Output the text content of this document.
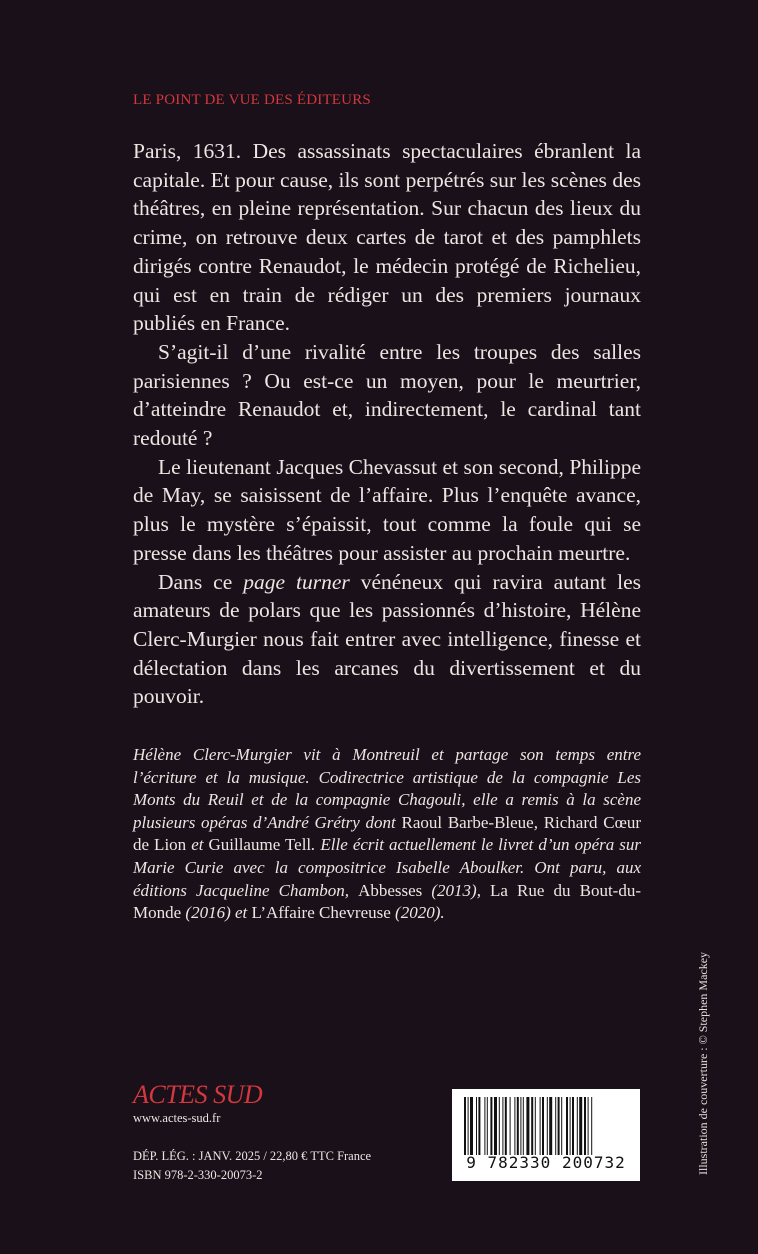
LE POINT DE VUE DES ÉDITEURS

Paris, 1631. Des assassinats spectaculaires ébranlent la capitale. Et pour cause, ils sont perpétrés sur les scènes des théâtres, en pleine représentation. Sur chacun des lieux du crime, on retrouve deux cartes de tarot et des pamphlets dirigés contre Renaudot, le médecin protégé de Richelieu, qui est en train de rédiger un des premiers journaux publiés en France.

S’agit-il d’une rivalité entre les troupes des salles parisiennes ? Ou est-ce un moyen, pour le meurtrier, d’atteindre Renaudot et, indirectement, le cardinal tant redouté ?

Le lieutenant Jacques Chevassut et son second, Philippe de May, se saisissent de l’affaire. Plus l’enquête avance, plus le mystère s’épaissit, tout comme la foule qui se presse dans les théâtres pour assister au prochain meurtre.

Dans ce page turner vénéneux qui ravira autant les amateurs de polars que les passionnés d’histoire, Hélène Clerc-Murgier nous fait entrer avec intelligence, finesse et délectation dans les arcanes du divertissement et du pouvoir.

Hélène Clerc-Murgier vit à Montreuil et partage son temps entre l’écriture et la musique. Codirectrice artistique de la compagnie Les Monts du Reuil et de la compagnie Chagouli, elle a remis à la scène plusieurs opéras d’André Grétry dont Raoul Barbe-Bleue, Richard Cœur de Lion et Guillaume Tell. Elle écrit actuellement le livret d’un opéra sur Marie Curie avec la compositrice Isabelle Aboulker. Ont paru, aux éditions Jacqueline Chambon, Abbesses (2013), La Rue du Bout-du-Monde (2016) et L’Affaire Chevreuse (2020).

ACTES SUD
www.actes-sud.fr
DÉP. LÉG. : JANV. 2025 / 22,80 € TTC France
ISBN 978-2-330-20073-2
9 782330 200732	Illustration de couverture : © Stephen Mackey
